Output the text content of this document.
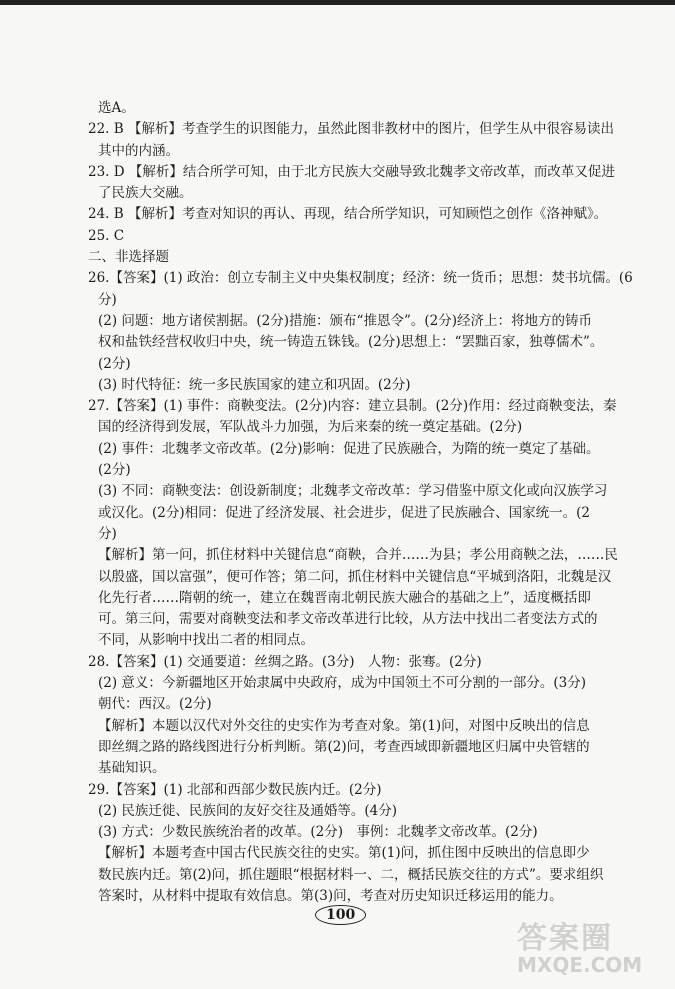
选A。

22. B 【解析】考查学生的识图能力，虽然此图非教材中的图片，但学生从中很容易读出

其中的内涵。

23. D 【解析】结合所学可知，由于北方民族大交融导致北魏孝文帝改革，而改革又促进

了民族大交融。

24. B 【解析】考查对知识的再认、再现，结合所学知识，可知顾恺之创作《洛神赋》。

25. C

二、非选择题

26.【答案】(1) 政治：创立专制主义中央集权制度；经济：统一货币；思想：焚书坑儒。(6

分)

(2) 问题：地方诸侯割据。(2分)措施：颁布“推恩令”。(2分)经济上：将地方的铸币

权和盐铁经营权收归中央，统一铸造五铢钱。(2分)思想上：“罢黜百家，独尊儒术”。

(2分)

(3) 时代特征：统一多民族国家的建立和巩固。(2分)

27.【答案】(1) 事件：商鞅变法。(2分)内容：建立县制。(2分)作用：经过商鞅变法，秦

国的经济得到发展，军队战斗力加强，为后来秦的统一奠定基础。(2分)

(2) 事件：北魏孝文帝改革。(2分)影响：促进了民族融合，为隋的统一奠定了基础。

(2分)

(3) 不同：商鞅变法：创设新制度；北魏孝文帝改革：学习借鉴中原文化或向汉族学习

或汉化。(2分)相同：促进了经济发展、社会进步，促进了民族融合、国家统一。(2

分)

【解析】第一问，抓住材料中关键信息“商鞅，合并……为县；孝公用商鞅之法，……民

以殷盛，国以富强”，便可作答；第二问，抓住材料中关键信息“平城到洛阳，北魏是汉

化先行者……隋朝的统一，建立在魏晋南北朝民族大融合的基础之上”，适度概括即

可。第三问，需要对商鞅变法和孝文帝改革进行比较，从方法中找出二者变法方式的

不同，从影响中找出二者的相同点。

28.【答案】(1) 交通要道：丝绸之路。(3分)　人物：张骞。(2分)

(2) 意义：今新疆地区开始隶属中央政府，成为中国领土不可分割的一部分。(3分)

朝代：西汉。(2分)

【解析】本题以汉代对外交往的史实作为考查对象。第(1)问，对图中反映出的信息

即丝绸之路的路线图进行分析判断。第(2)问，考查西域即新疆地区归属中央管辖的

基础知识。

29.【答案】(1) 北部和西部少数民族内迁。(2分)

(2) 民族迁徙、民族间的友好交往及通婚等。(4分)

(3) 方式：少数民族统治者的改革。(2分)　事例：北魏孝文帝改革。(2分)

【解析】本题考查中国古代民族交往的史实。第(1)问，抓住图中反映出的信息即少

数民族内迁。第(2)问，抓住题眼“根据材料一、二，概括民族交往的方式”。要求组织

答案时，从材料中提取有效信息。第(3)问，考查对历史知识迁移运用的能力。

100
答案圈
MXQE.COM
